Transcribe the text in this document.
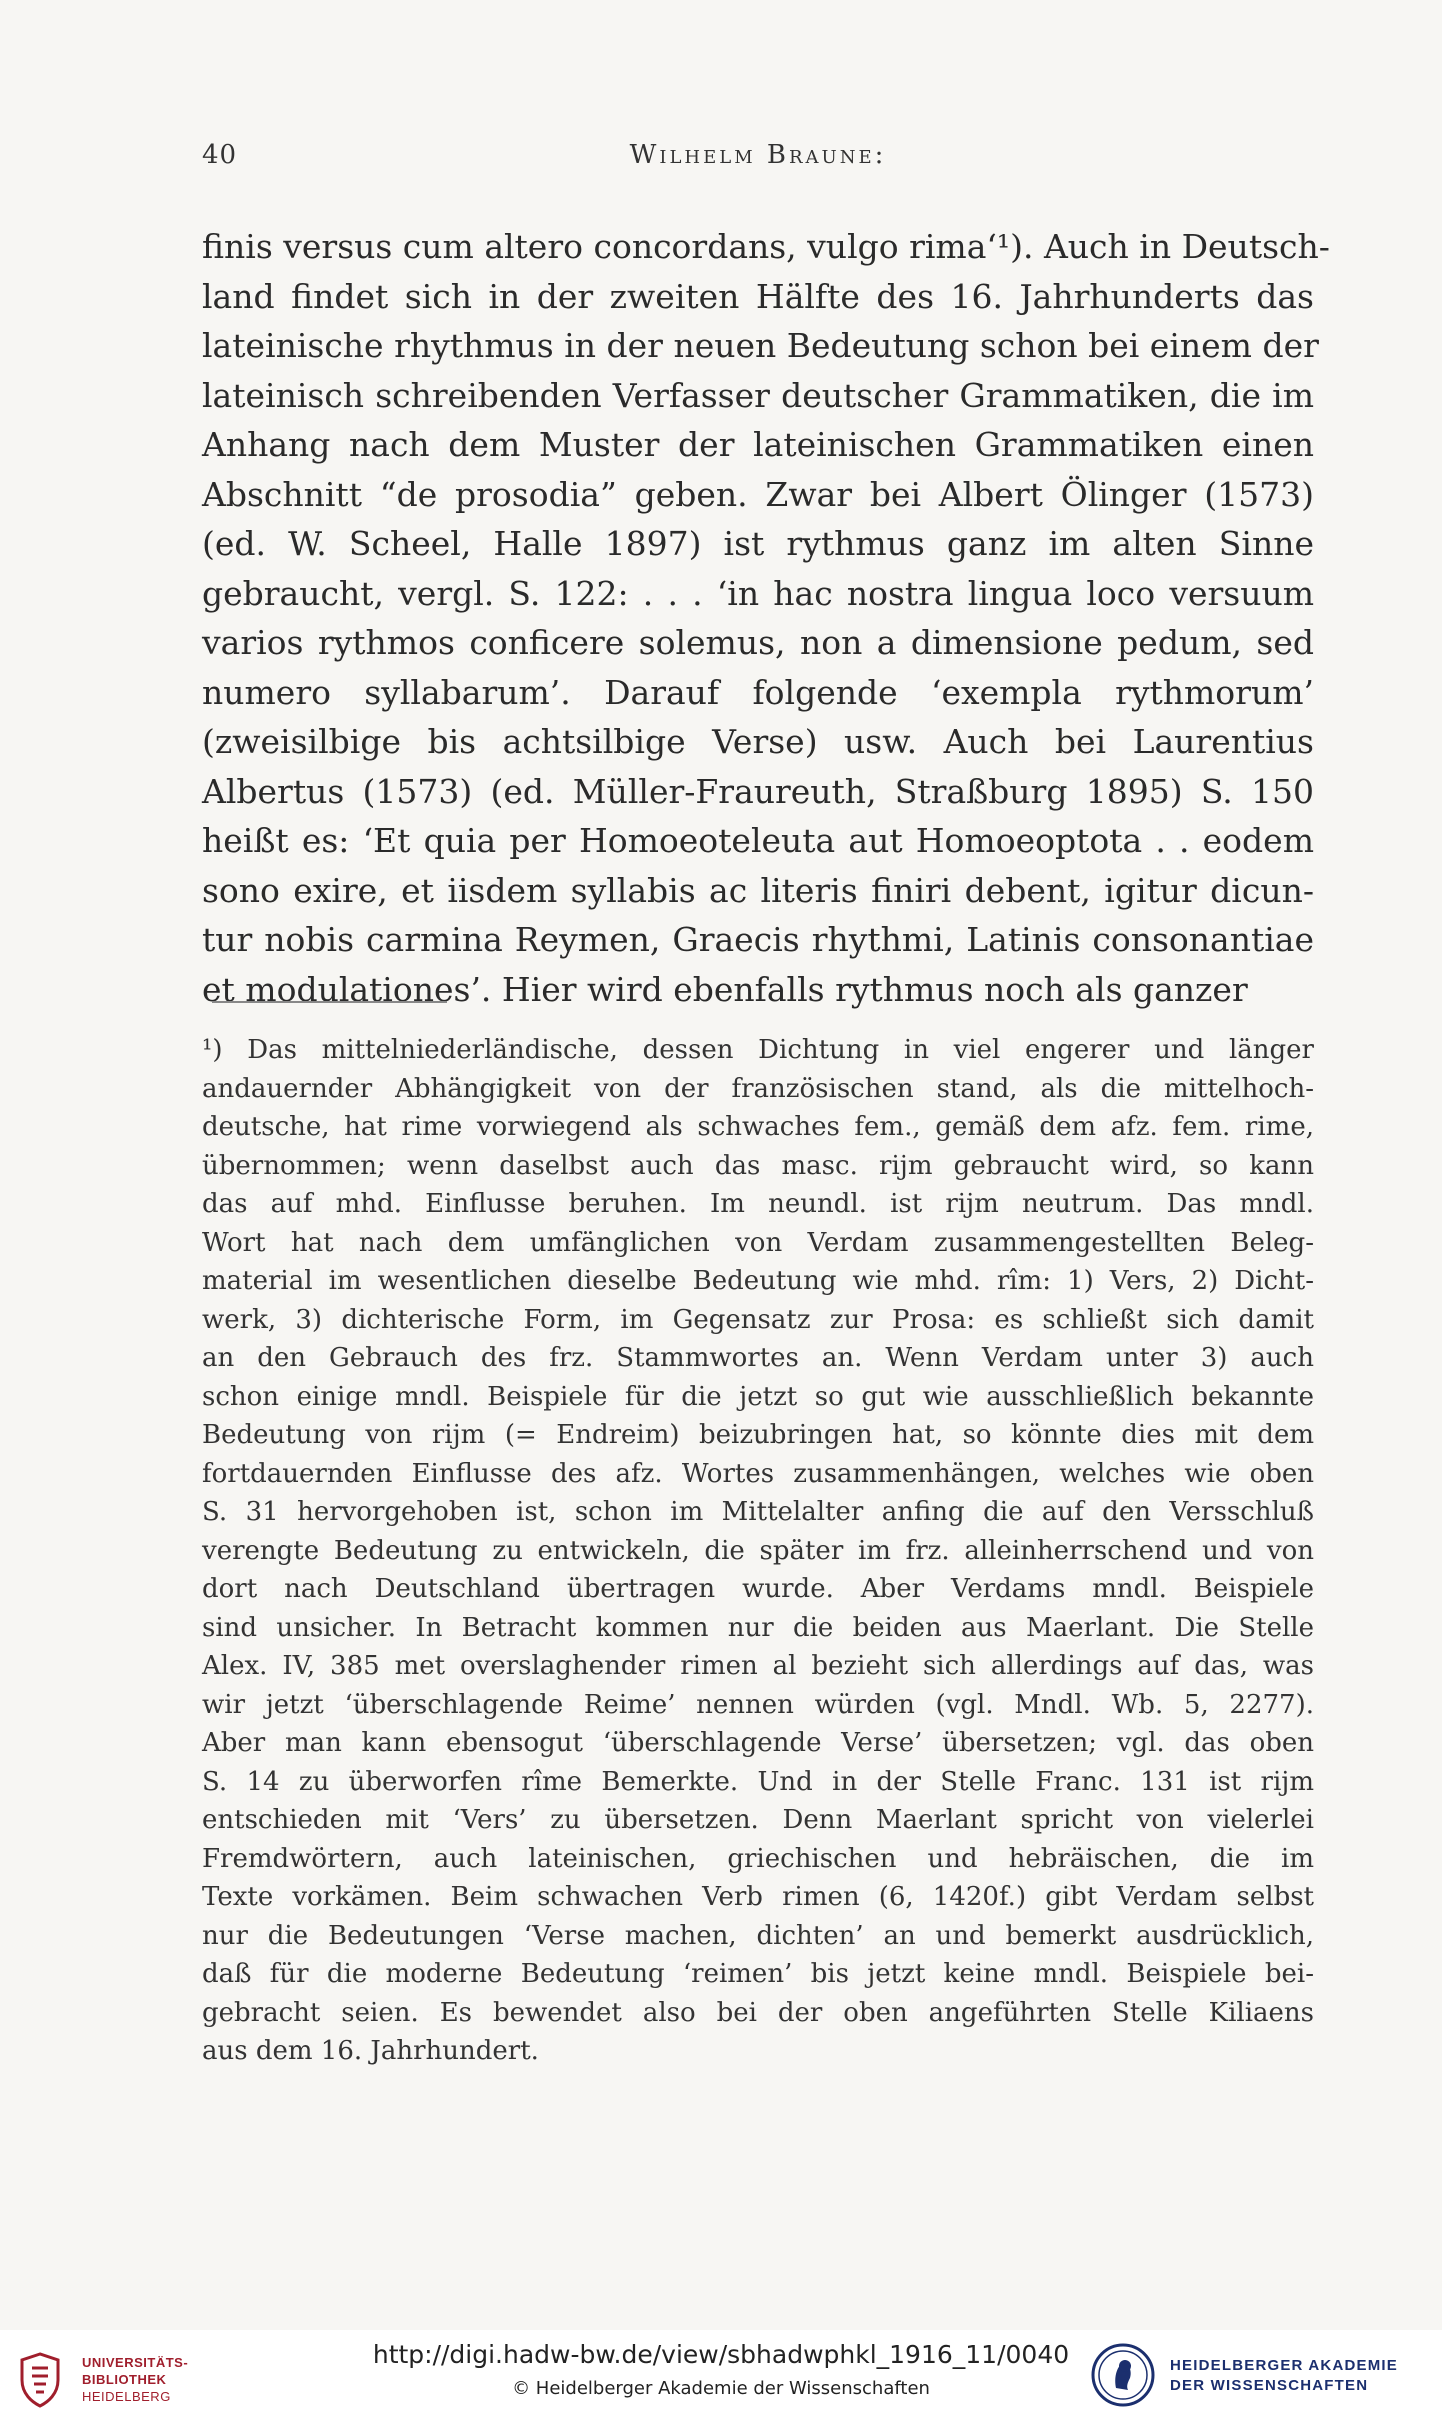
40	Wilhelm Braune:
finis versus cum altero concordans, vulgo rima‘¹). Auch in Deutsch-
land findet sich in der zweiten Hälfte des 16. Jahrhunderts das
lateinische rhythmus in der neuen Bedeutung schon bei einem der
lateinisch schreibenden Verfasser deutscher Grammatiken, die im
Anhang nach dem Muster der lateinischen Grammatiken einen
Abschnitt “de prosodia” geben. Zwar bei Albert Ölinger (1573)
(ed. W. Scheel, Halle 1897) ist rythmus ganz im alten Sinne
gebraucht, vergl. S. 122: . . . ‘in hac nostra lingua loco versuum
varios rythmos conficere solemus, non a dimensione pedum, sed
numero syllabarum’. Darauf folgende ‘exempla rythmorum’
(zweisilbige bis achtsilbige Verse) usw. Auch bei Laurentius
Albertus (1573) (ed. Müller-Fraureuth, Straßburg 1895) S. 150
heißt es: ‘Et quia per Homoeoteleuta aut Homoeoptota . . eodem
sono exire, et iisdem syllabis ac literis finiri debent, igitur dicun-
tur nobis carmina Reymen, Graecis rhythmi, Latinis consonantiae
et modulationes’. Hier wird ebenfalls rythmus noch als ganzer
¹) Das mittelniederländische, dessen Dichtung in viel engerer und länger
andauernder Abhängigkeit von der französischen stand, als die mittelhoch-
deutsche, hat rime vorwiegend als schwaches fem., gemäß dem afz. fem. rime,
übernommen; wenn daselbst auch das masc. rijm gebraucht wird, so kann
das auf mhd. Einflusse beruhen. Im neundl. ist rijm neutrum. Das mndl.
Wort hat nach dem umfänglichen von Verdam zusammengestellten Beleg-
material im wesentlichen dieselbe Bedeutung wie mhd. rîm: 1) Vers, 2) Dicht-
werk, 3) dichterische Form, im Gegensatz zur Prosa: es schließt sich damit
an den Gebrauch des frz. Stammwortes an. Wenn Verdam unter 3) auch
schon einige mndl. Beispiele für die jetzt so gut wie ausschließlich bekannte
Bedeutung von rijm (= Endreim) beizubringen hat, so könnte dies mit dem
fortdauernden Einflusse des afz. Wortes zusammenhängen, welches wie oben
S. 31 hervorgehoben ist, schon im Mittelalter anfing die auf den Versschluß
verengte Bedeutung zu entwickeln, die später im frz. alleinherrschend und von
dort nach Deutschland übertragen wurde. Aber Verdams mndl. Beispiele
sind unsicher. In Betracht kommen nur die beiden aus Maerlant. Die Stelle
Alex. IV, 385 met overslaghender rimen al bezieht sich allerdings auf das, was
wir jetzt ‘überschlagende Reime’ nennen würden (vgl. Mndl. Wb. 5, 2277).
Aber man kann ebensogut ‘überschlagende Verse’ übersetzen; vgl. das oben
S. 14 zu überworfen rîme Bemerkte. Und in der Stelle Franc. 131 ist rijm
entschieden mit ‘Vers’ zu übersetzen. Denn Maerlant spricht von vielerlei
Fremdwörtern, auch lateinischen, griechischen und hebräischen, die im
Texte vorkämen. Beim schwachen Verb rimen (6, 1420f.) gibt Verdam selbst
nur die Bedeutungen ‘Verse machen, dichten’ an und bemerkt ausdrücklich,
daß für die moderne Bedeutung ‘reimen’ bis jetzt keine mndl. Beispiele bei-
gebracht seien. Es bewendet also bei der oben angeführten Stelle Kiliaens
aus dem 16. Jahrhundert.
UNIVERSITÄTS-
BIBLIOTHEK
HEIDELBERG
http://digi.hadw-bw.de/view/sbhadwphkl_1916_11/0040
© Heidelberger Akademie der Wissenschaften
HEIDELBERGER AKADEMIE
DER WISSENSCHAFTEN
